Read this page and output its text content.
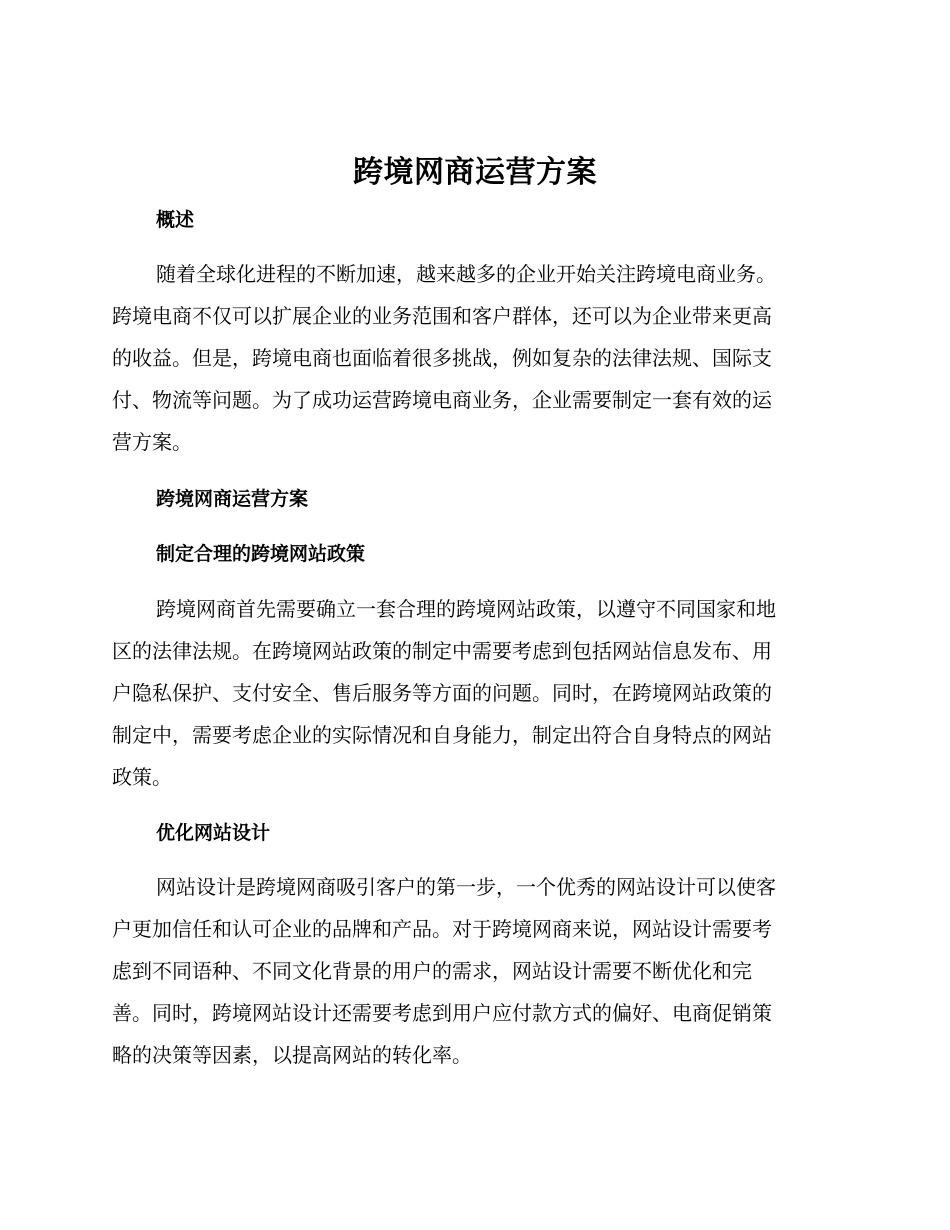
跨境网商运营方案
概述
随着全球化进程的不断加速，越来越多的企业开始关注跨境电商业务。
跨境电商不仅可以扩展企业的业务范围和客户群体，还可以为企业带来更高
的收益。但是，跨境电商也面临着很多挑战，例如复杂的法律法规、国际支
付、物流等问题。为了成功运营跨境电商业务，企业需要制定一套有效的运
营方案。
跨境网商运营方案
制定合理的跨境网站政策
跨境网商首先需要确立一套合理的跨境网站政策，以遵守不同国家和地
区的法律法规。在跨境网站政策的制定中需要考虑到包括网站信息发布、用
户隐私保护、支付安全、售后服务等方面的问题。同时，在跨境网站政策的
制定中，需要考虑企业的实际情况和自身能力，制定出符合自身特点的网站
政策。
优化网站设计
网站设计是跨境网商吸引客户的第一步，一个优秀的网站设计可以使客
户更加信任和认可企业的品牌和产品。对于跨境网商来说，网站设计需要考
虑到不同语种、不同文化背景的用户的需求，网站设计需要不断优化和完
善。同时，跨境网站设计还需要考虑到用户应付款方式的偏好、电商促销策
略的决策等因素，以提高网站的转化率。
